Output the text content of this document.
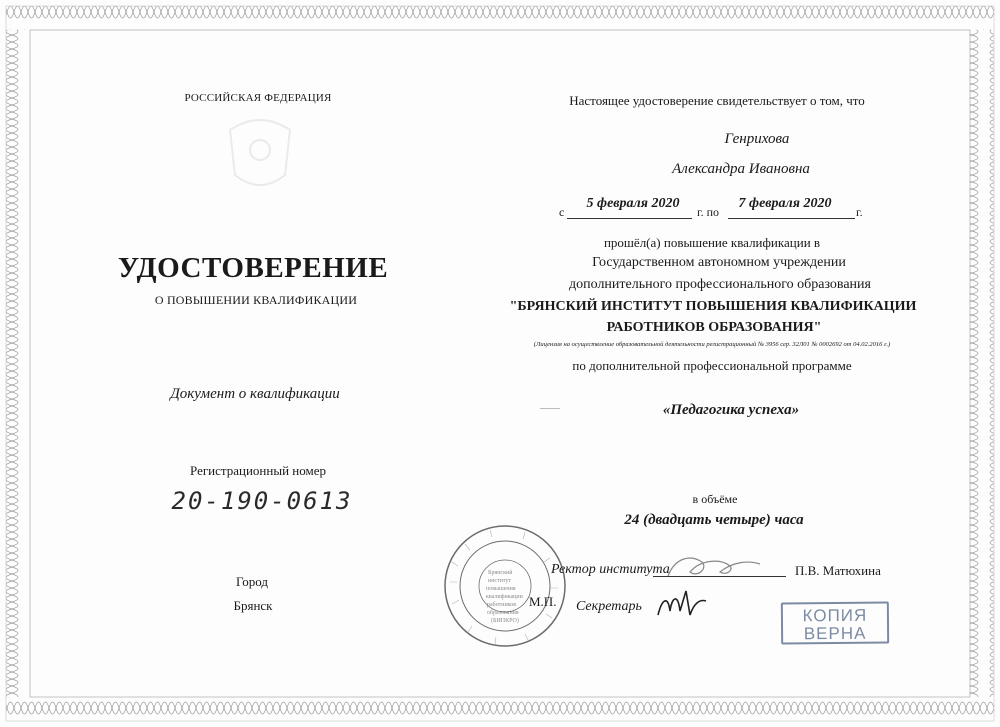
РОССИЙСКАЯ ФЕДЕРАЦИЯ
УДОСТОВЕРЕНИЕ
О ПОВЫШЕНИИ КВАЛИФИКАЦИИ
Документ о квалификации
Регистрационный номер
20-190-0613
Город
Брянск
Настоящее удостоверение свидетельствует о том, что
Генрихова
Александра Ивановна
с
5 февраля 2020
г. по
7 февраля 2020
г.
прошёл(а) повышение квалификации в
Государственном автономном учреждении
дополнительного профессионального образования
"БРЯНСКИЙ ИНСТИТУТ ПОВЫШЕНИЯ КВАЛИФИКАЦИИ
РАБОТНИКОВ ОБРАЗОВАНИЯ"
(Лицензия на осуществление образовательной деятельности регистрационный № 3956 сер. 32Л01 № 0002692 от 04.02.2016 г.)
по дополнительной профессиональной программе
«Педагогика успеха»
в объёме
24 (двадцать четыре) часа
Брянский
институт
повышения
квалификации
работников
образования
(БИПКРО)
Ректор института	П.В. Матюхина
М.П. Секретарь	КОПИЯ
ВЕРНА
